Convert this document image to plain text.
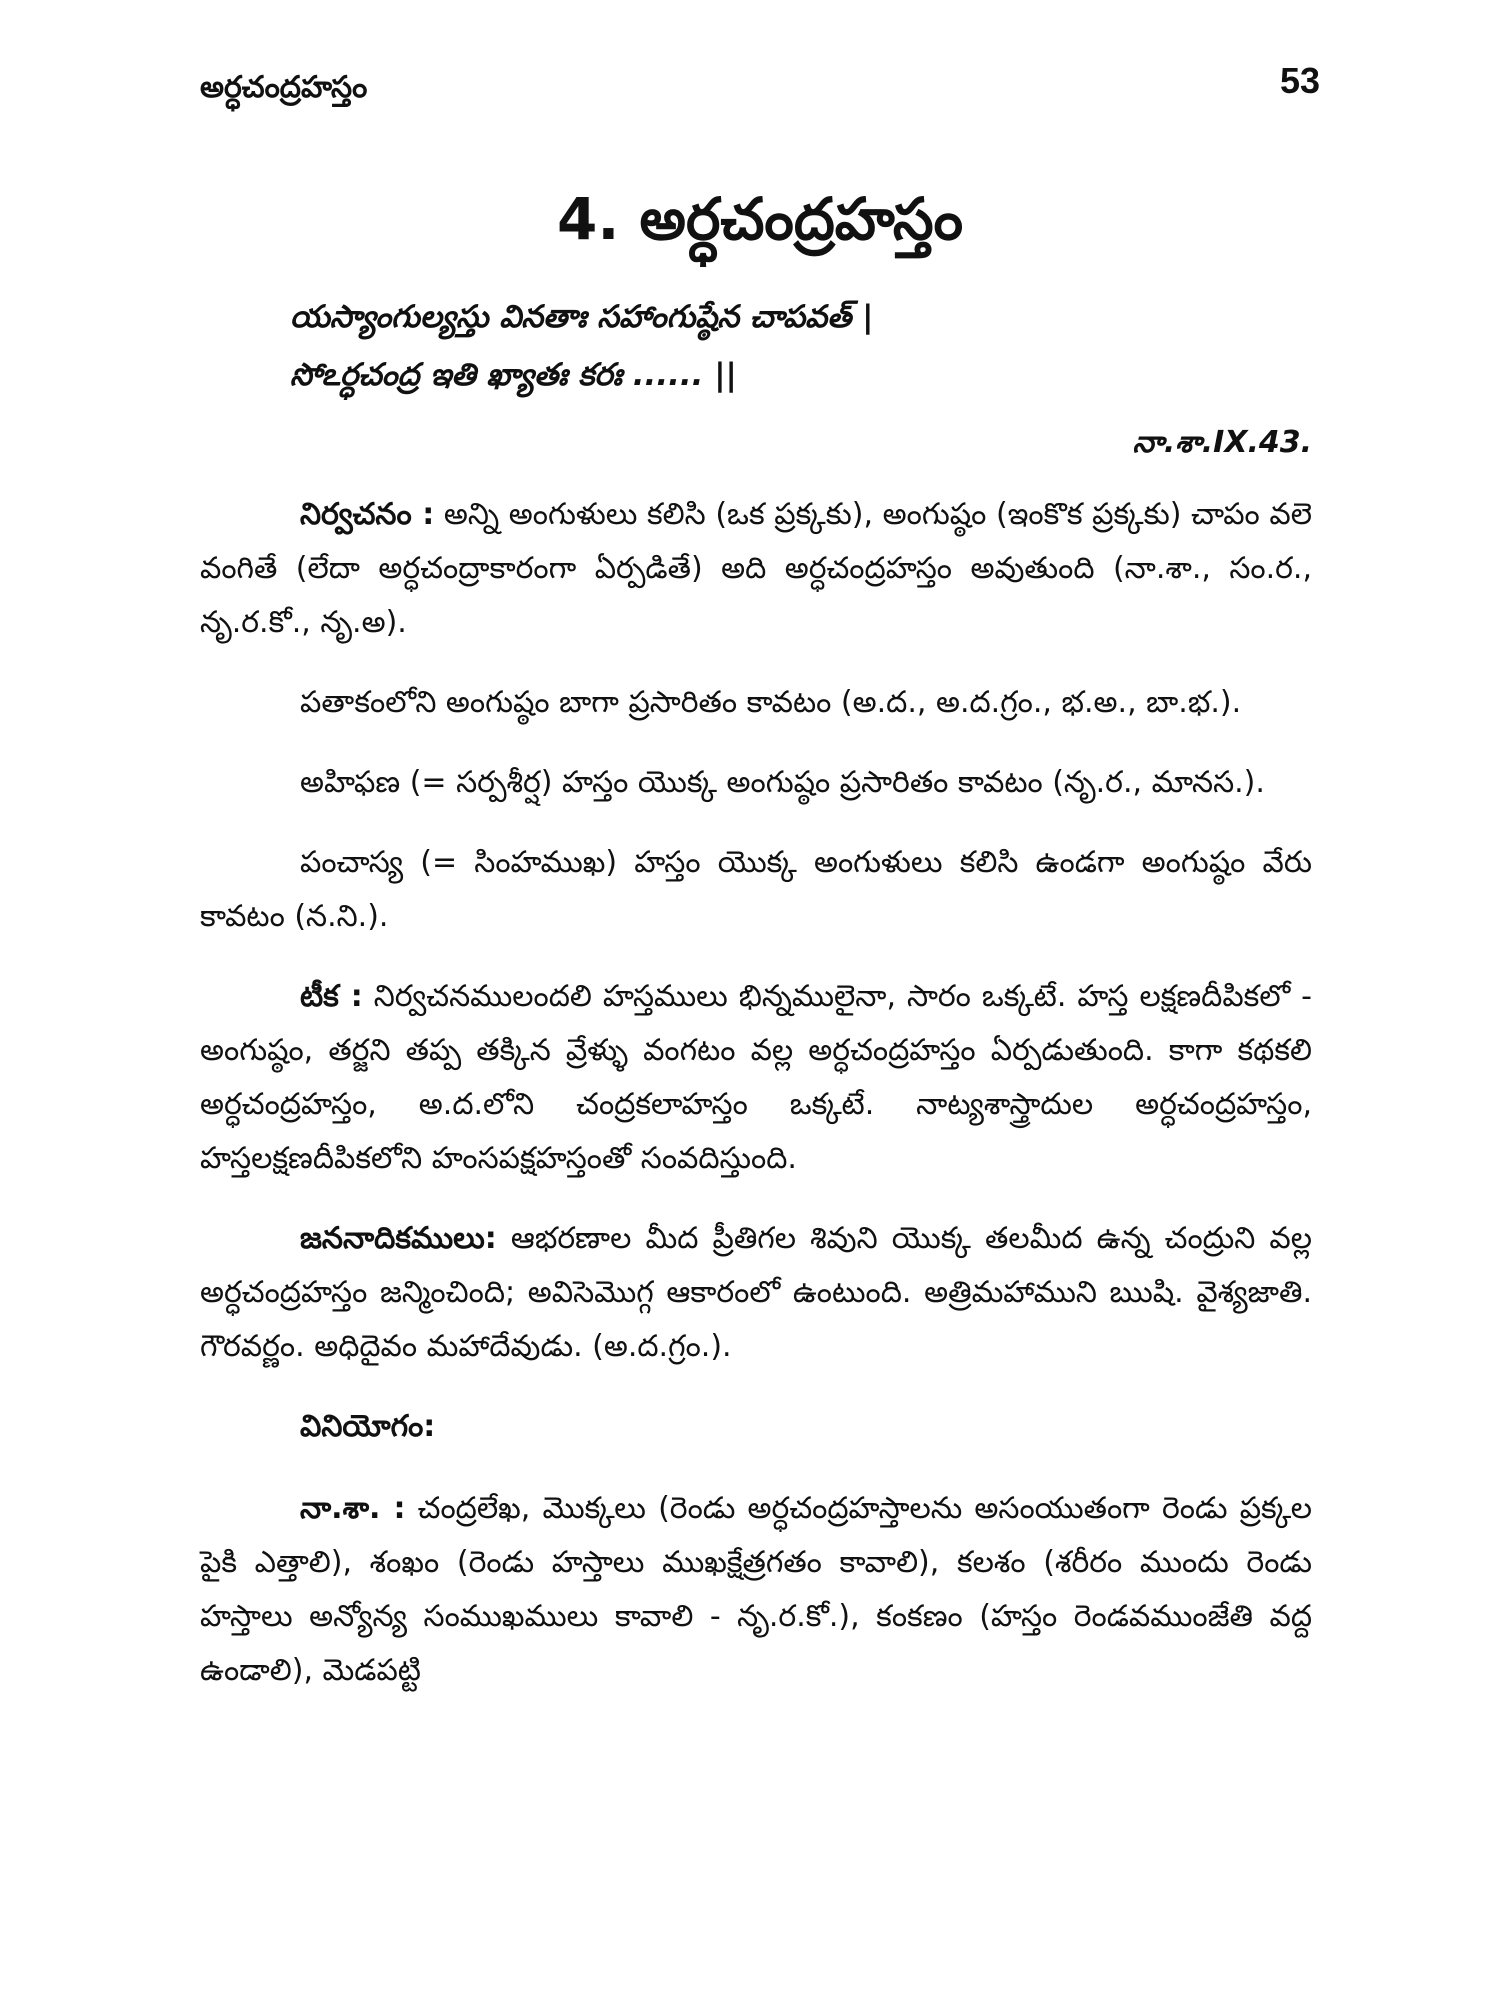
అర్ధచంద్రహస్తం	53
4. అర్ధచంద్రహస్తం
యస్యాంగుల్యస్తు వినతాః సహాంగుష్ఠేన చాపవత్ |
సోఽర్ధచంద్ర ఇతి ఖ్యాతః కరః ...... ||
నా.శా.IX.43.

నిర్వచనం : అన్ని అంగుళులు కలిసి (ఒక ప్రక్కకు), అంగుష్ఠం (ఇంకొక ప్రక్కకు) చాపం వలె వంగితే (లేదా అర్ధచంద్రాకారంగా ఏర్పడితే) అది అర్ధచంద్రహస్తం అవుతుంది (నా.శా., సం.ర., నృ.ర.కో., నృ.అ).

పతాకంలోని అంగుష్ఠం బాగా ప్రసారితం కావటం (అ.ద., అ.ద.గ్రం., భ.అ., బా.భ.).

అహిఫణ (= సర్పశీర్ష) హస్తం యొక్క అంగుష్ఠం ప్రసారితం కావటం (నృ.ర., మానస.).

పంచాస్య (= సింహముఖ) హస్తం యొక్క అంగుళులు కలిసి ఉండగా అంగుష్ఠం వేరు కావటం (న.ని.).

టీక : నిర్వచనములందలి హస్తములు భిన్నములైనా, సారం ఒక్కటే. హస్త లక్షణదీపికలో - అంగుష్ఠం, తర్జని తప్ప తక్కిన వ్రేళ్ళు వంగటం వల్ల అర్ధచంద్రహస్తం ఏర్పడుతుంది. కాగా కథకలి అర్ధచంద్రహస్తం, అ.ద.లోని చంద్రకలాహస్తం ఒక్కటే. నాట్యశాస్త్రాదుల అర్ధచంద్రహస్తం, హస్తలక్షణదీపికలోని హంసపక్షహస్తంతో సంవదిస్తుంది.

జననాదికములు: ఆభరణాల మీద ప్రీతిగల శివుని యొక్క తలమీద ఉన్న చంద్రుని వల్ల అర్ధచంద్రహస్తం జన్మించింది; అవిసెమొగ్గ ఆకారంలో ఉంటుంది. అత్రిమహాముని ఋషి. వైశ్యజాతి. గౌరవర్ణం. అధిదైవం మహాదేవుడు. (అ.ద.గ్రం.).

వినియోగం:

నా.శా. : చంద్రలేఖ, మొక్కలు (రెండు అర్ధచంద్రహస్తాలను అసంయుతంగా రెండు ప్రక్కల పైకి ఎత్తాలి), శంఖం (రెండు హస్తాలు ముఖక్షేత్రగతం కావాలి), కలశం (శరీరం ముందు రెండు హస్తాలు అన్యోన్య సంముఖములు కావాలి - నృ.ర.కో.), కంకణం (హస్తం రెండవముంజేతి వద్ద ఉండాలి), మెడపట్టి
